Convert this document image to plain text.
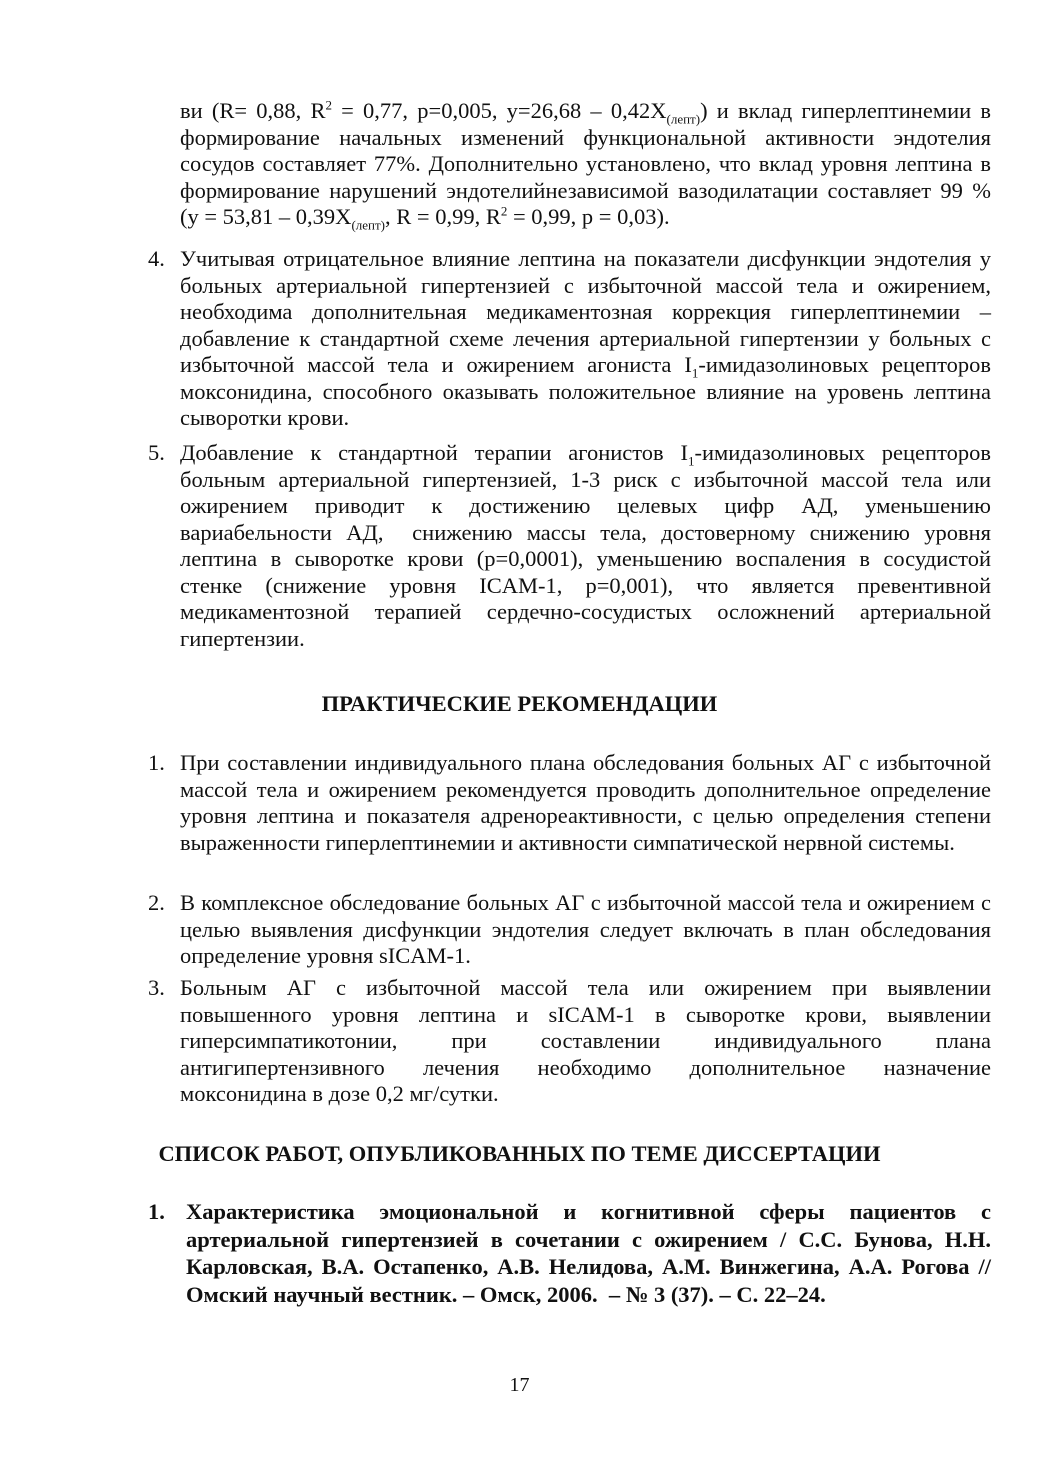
ви (R= 0,88, $R^2 = 0,77$, p=0,005, $y=26,68 - 0,42X_{(лепт)}$) и вклад гиперлептинемии в формирование начальных изменений функциональной активности эндотелия сосудов составляет 77%. Дополнительно установлено, что вклад уровня лептина в формирование нарушений эндотелийнезависимой вазодилатации составляет 99 % ($у = 53,81 - 0,39X_{(лепт)}$, R = 0,99, $R^2 = 0,99$, p = 0,03).
4. Учитывая отрицательное влияние лептина на показатели дисфункции эндотелия у больных артериальной гипертензией с избыточной массой тела и ожирением, необходима дополнительная медикаментозная коррекция гиперлептинемии – добавление к стандартной схеме лечения артериальной гипертензии у больных с избыточной массой тела и ожирением агониста $I_1$-имидазолиновых рецепторов моксонидина, способного оказывать положительное влияние на уровень лептина сыворотки крови.
5. Добавление к стандартной терапии агонистов $I_1$-имидазолиновых рецепторов больным артериальной гипертензией, 1-3 риск с избыточной массой тела или ожирением приводит к достижению целевых цифр АД, уменьшению вариабельности АД,  снижению массы тела, достоверному снижению уровня лептина в сыворотке крови (p=0,0001), уменьшению воспаления в сосудистой стенке (снижение уровня ICAM-1, p=0,001), что является превентивной медикаментозной терапией сердечно-сосудистых осложнений артериальной гипертензии.
ПРАКТИЧЕСКИЕ РЕКОМЕНДАЦИИ
1. При составлении индивидуального плана обследования больных АГ с избыточной массой тела и ожирением рекомендуется проводить дополнительное определение уровня лептина и показателя адренореактивности, с целью определения степени выраженности гиперлептинемии и активности симпатической нервной системы.
2. В комплексное обследование больных АГ с избыточной массой тела и ожирением с целью выявления дисфункции эндотелия следует включать в план обследования определение уровня sICAM-1.
3. Больным АГ с избыточной массой тела или ожирением при выявлении повышенного уровня лептина и sICAM-1 в сыворотке крови, выявлении гиперсимпатикотонии, при составлении индивидуального плана антигипертензивного лечения необходимо дополнительное назначение моксонидина в дозе 0,2 мг/сутки.
СПИСОК РАБОТ, ОПУБЛИКОВАННЫХ ПО ТЕМЕ ДИССЕРТАЦИИ
1. Характеристика эмоциональной и когнитивной сферы пациентов с артериальной гипертензией в сочетании с ожирением / С.С. Бунова, Н.Н. Карловская, В.А. Остапенко, А.В. Нелидова, А.М. Винжегина, А.А. Рогова // Омский научный вестник. – Омск, 2006.  – № 3 (37). – С. 22–24.
17
